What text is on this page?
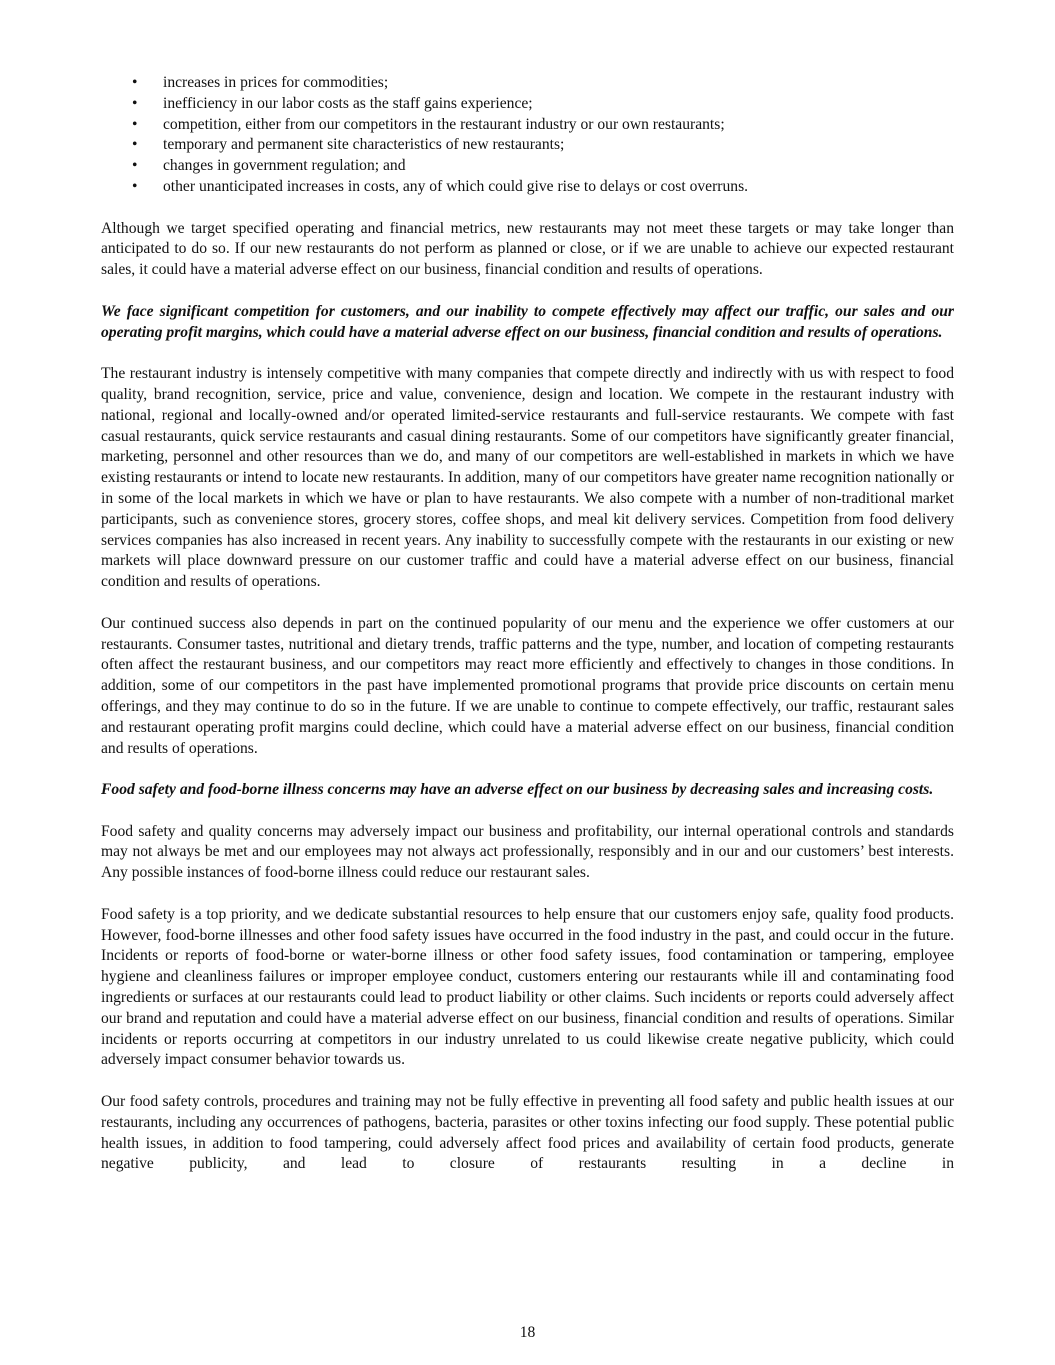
• increases in prices for commodities;
• inefficiency in our labor costs as the staff gains experience;
• competition, either from our competitors in the restaurant industry or our own restaurants;
• temporary and permanent site characteristics of new restaurants;
• changes in government regulation; and
• other unanticipated increases in costs, any of which could give rise to delays or cost overruns.

Although we target specified operating and financial metrics, new restaurants may not meet these targets or may take longer than anticipated to do so. If our new restaurants do not perform as planned or close, or if we are unable to achieve our expected restaurant sales, it could have a material adverse effect on our business, financial condition and results of operations.

We face significant competition for customers, and our inability to compete effectively may affect our traffic, our sales and our operating profit margins, which could have a material adverse effect on our business, financial condition and results of operations.

The restaurant industry is intensely competitive with many companies that compete directly and indirectly with us with respect to food quality, brand recognition, service, price and value, convenience, design and location. We compete in the restaurant industry with national, regional and locally-owned and/or operated limited-service restaurants and full-service restaurants. We compete with fast casual restaurants, quick service restaurants and casual dining restaurants. Some of our competitors have significantly greater financial, marketing, personnel and other resources than we do, and many of our competitors are well-established in markets in which we have existing restaurants or intend to locate new restaurants. In addition, many of our competitors have greater name recognition nationally or in some of the local markets in which we have or plan to have restaurants. We also compete with a number of non-traditional market participants, such as convenience stores, grocery stores, coffee shops, and meal kit delivery services. Competition from food delivery services companies has also increased in recent years. Any inability to successfully compete with the restaurants in our existing or new markets will place downward pressure on our customer traffic and could have a material adverse effect on our business, financial condition and results of operations.

Our continued success also depends in part on the continued popularity of our menu and the experience we offer customers at our restaurants. Consumer tastes, nutritional and dietary trends, traffic patterns and the type, number, and location of competing restaurants often affect the restaurant business, and our competitors may react more efficiently and effectively to changes in those conditions. In addition, some of our competitors in the past have implemented promotional programs that provide price discounts on certain menu offerings, and they may continue to do so in the future. If we are unable to continue to compete effectively, our traffic, restaurant sales and restaurant operating profit margins could decline, which could have a material adverse effect on our business, financial condition and results of operations.

Food safety and food-borne illness concerns may have an adverse effect on our business by decreasing sales and increasing costs.

Food safety and quality concerns may adversely impact our business and profitability, our internal operational controls and standards may not always be met and our employees may not always act professionally, responsibly and in our and our customers’ best interests. Any possible instances of food-borne illness could reduce our restaurant sales.

Food safety is a top priority, and we dedicate substantial resources to help ensure that our customers enjoy safe, quality food products. However, food-borne illnesses and other food safety issues have occurred in the food industry in the past, and could occur in the future. Incidents or reports of food-borne or water-borne illness or other food safety issues, food contamination or tampering, employee hygiene and cleanliness failures or improper employee conduct, customers entering our restaurants while ill and contaminating food ingredients or surfaces at our restaurants could lead to product liability or other claims. Such incidents or reports could adversely affect our brand and reputation and could have a material adverse effect on our business, financial condition and results of operations. Similar incidents or reports occurring at competitors in our industry unrelated to us could likewise create negative publicity, which could adversely impact consumer behavior towards us.

Our food safety controls, procedures and training may not be fully effective in preventing all food safety and public health issues at our restaurants, including any occurrences of pathogens, bacteria, parasites or other toxins infecting our food supply. These potential public health issues, in addition to food tampering, could adversely affect food prices and availability of certain food products, generate negative publicity, and lead to closure of restaurants resulting in a decline in

18
